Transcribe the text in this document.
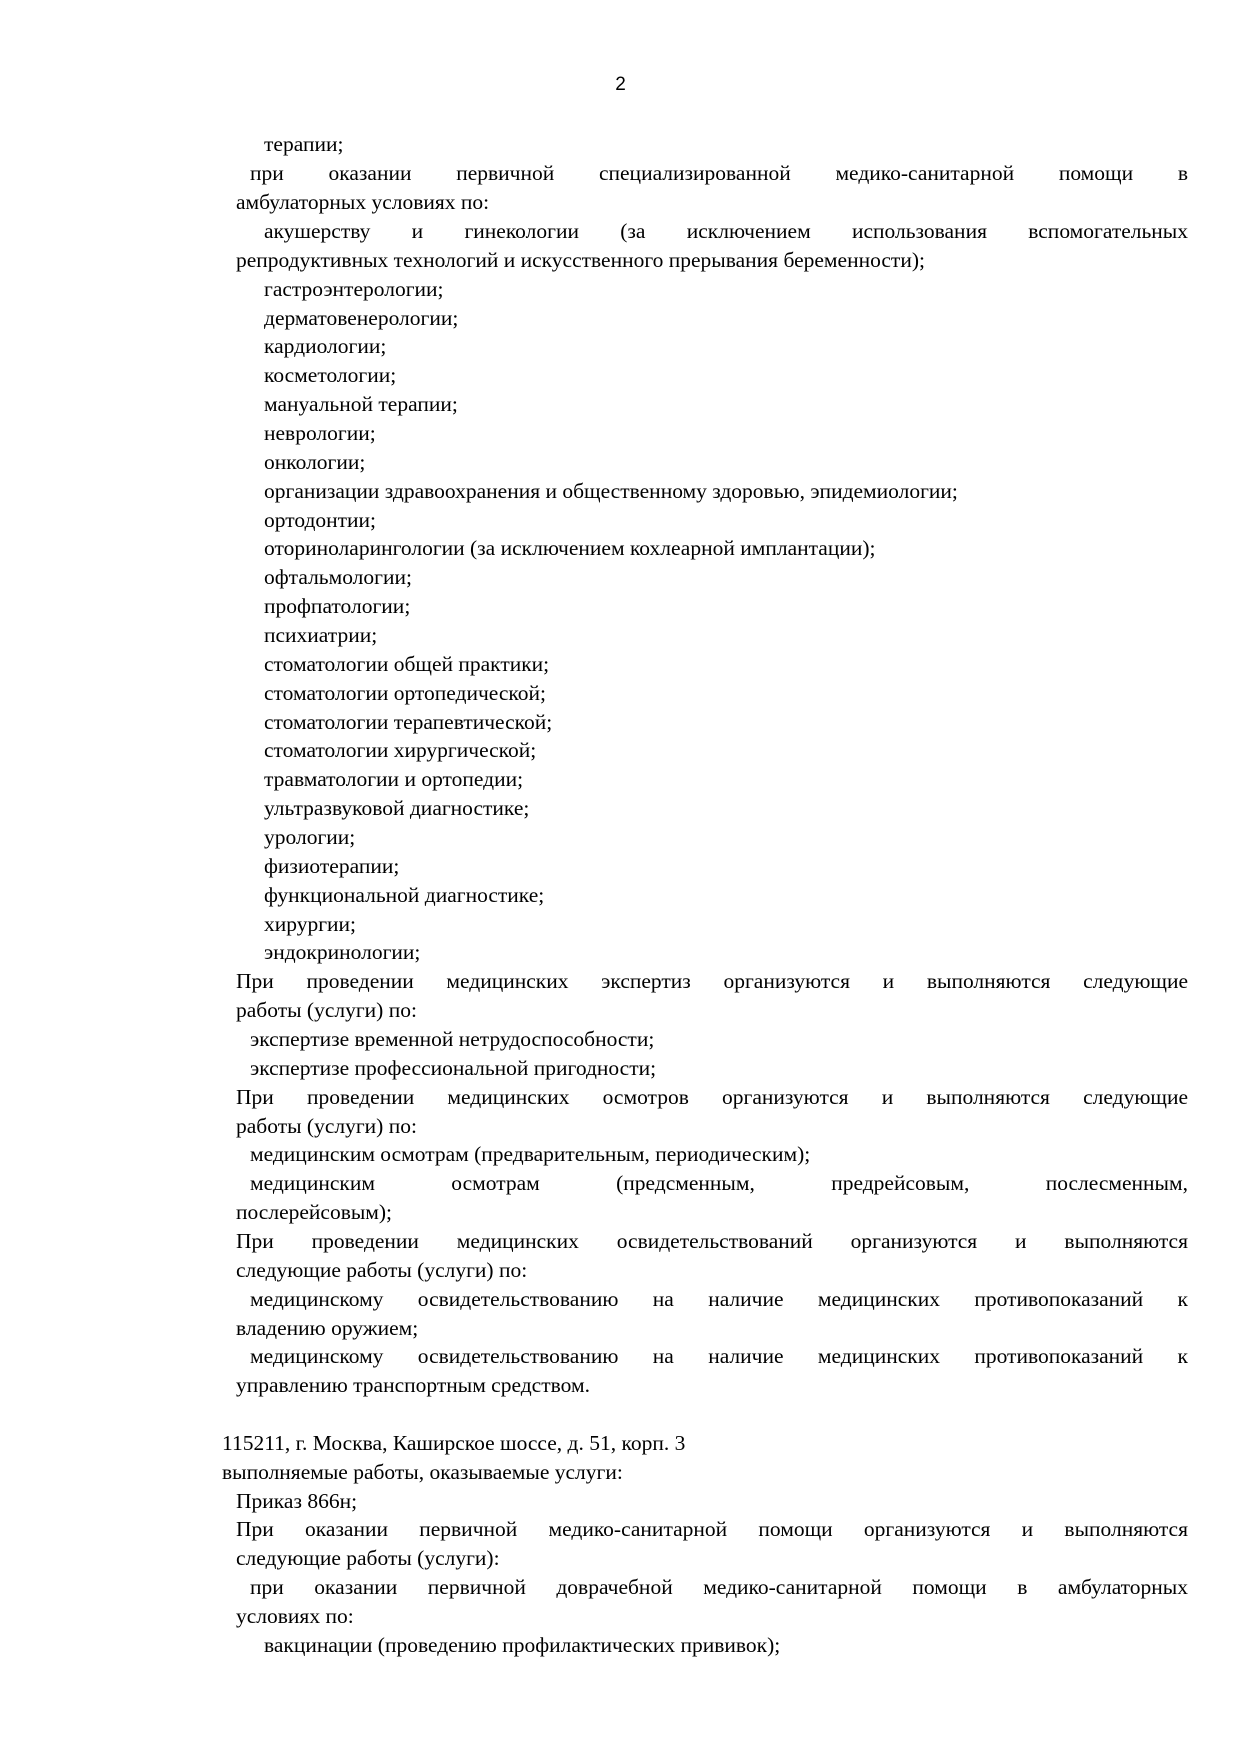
2
терапии;
при оказании первичной специализированной медико-санитарной помощи в
амбулаторных условиях по:
акушерству и гинекологии (за исключением использования вспомогательных
репродуктивных технологий и искусственного прерывания беременности);
гастроэнтерологии;
дерматовенерологии;
кардиологии;
косметологии;
мануальной терапии;
неврологии;
онкологии;
организации здравоохранения и общественному здоровью, эпидемиологии;
ортодонтии;
оториноларингологии (за исключением кохлеарной имплантации);
офтальмологии;
профпатологии;
психиатрии;
стоматологии общей практики;
стоматологии ортопедической;
стоматологии терапевтической;
стоматологии хирургической;
травматологии и ортопедии;
ультразвуковой диагностике;
урологии;
физиотерапии;
функциональной диагностике;
хирургии;
эндокринологии;
При проведении медицинских экспертиз организуются и выполняются следующие
работы (услуги) по:
экспертизе временной нетрудоспособности;
экспертизе профессиональной пригодности;
При проведении медицинских осмотров организуются и выполняются следующие
работы (услуги) по:
медицинским осмотрам (предварительным, периодическим);
медицинским осмотрам (предсменным, предрейсовым, послесменным,
послерейсовым);
При проведении медицинских освидетельствований организуются и выполняются
следующие работы (услуги) по:
медицинскому освидетельствованию на наличие медицинских противопоказаний к
владению оружием;
медицинскому освидетельствованию на наличие медицинских противопоказаний к
управлению транспортным средством.
115211, г. Москва, Каширское шоссе, д. 51, корп. 3
выполняемые работы, оказываемые услуги:
Приказ 866н;
При оказании первичной медико-санитарной помощи организуются и выполняются
следующие работы (услуги):
при оказании первичной доврачебной медико-санитарной помощи в амбулаторных
условиях по:
вакцинации (проведению профилактических прививок);
